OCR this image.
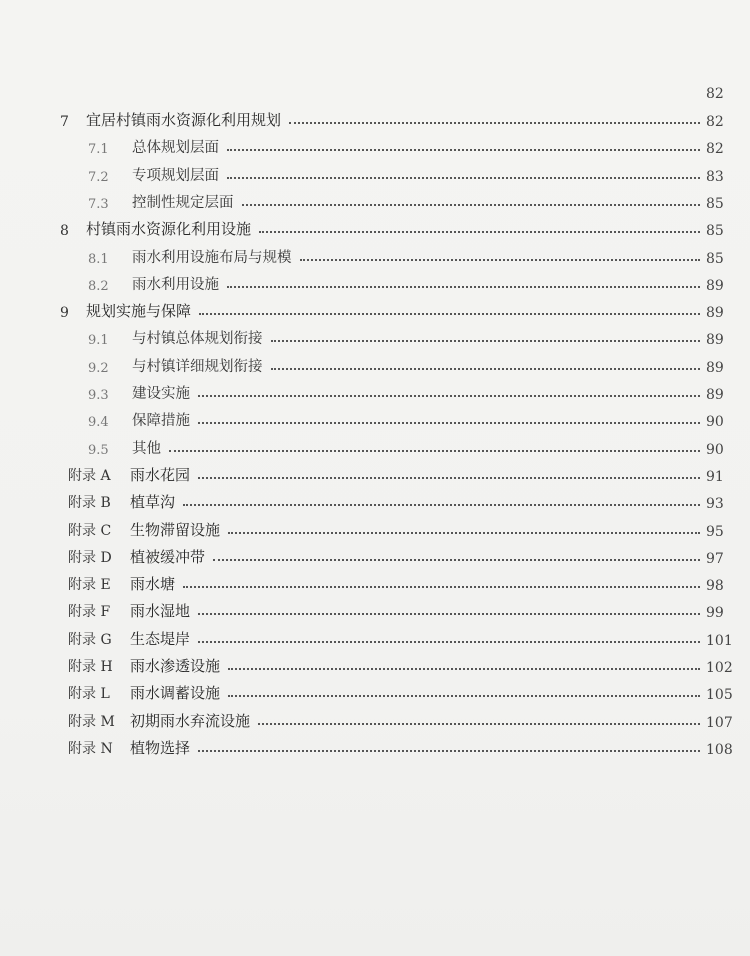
82
7	宜居村镇雨水资源化利用规划	82
7.1	总体规划层面	82
7.2	专项规划层面	83
7.3	控制性规定层面	85
8	村镇雨水资源化利用设施	85
8.1	雨水利用设施布局与规模	85
8.2	雨水利用设施	89
9	规划实施与保障	89
9.1	与村镇总体规划衔接	89
9.2	与村镇详细规划衔接	89
9.3	建设实施	89
9.4	保障措施	90
9.5	其他	90
附录 A	雨水花园	91
附录 B	植草沟	93
附录 C	生物滞留设施	95
附录 D 植被缓冲带	97
附录 E	雨水塘	98
附录 F	雨水湿地	99
附录 G 生态堤岸	101
附录 H 雨水渗透设施	102
附录 L	雨水调蓄设施	105
附录 M 初期雨水弃流设施	107
附录 N 植物选择	108
